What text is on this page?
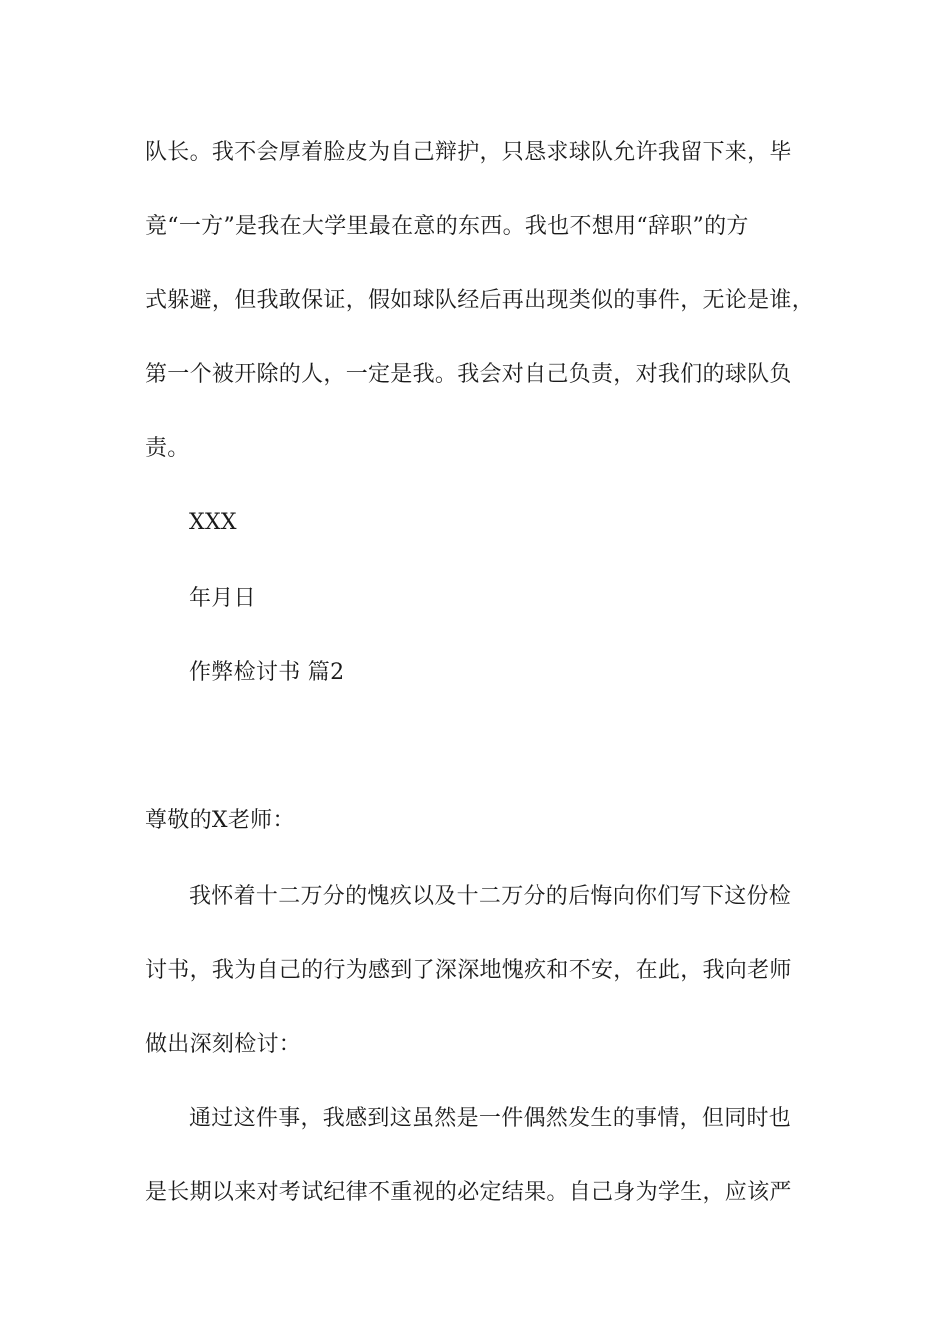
队长。我不会厚着脸皮为自己辩护，只恳求球队允许我留下来，毕
竟“一方”是我在大学里最在意的东西。我也不想用“辞职”的方
式躲避，但我敢保证，假如球队经后再出现类似的事件，无论是谁，
第一个被开除的人，一定是我。我会对自己负责，对我们的球队负
责。
XXX
年月日
作弊检讨书 篇2
尊敬的X老师：
我怀着十二万分的愧疚以及十二万分的后悔向你们写下这份检
讨书，我为自己的行为感到了深深地愧疚和不安，在此，我向老师
做出深刻检讨：
通过这件事，我感到这虽然是一件偶然发生的事情，但同时也
是长期以来对考试纪律不重视的必定结果。自己身为学生，应该严
